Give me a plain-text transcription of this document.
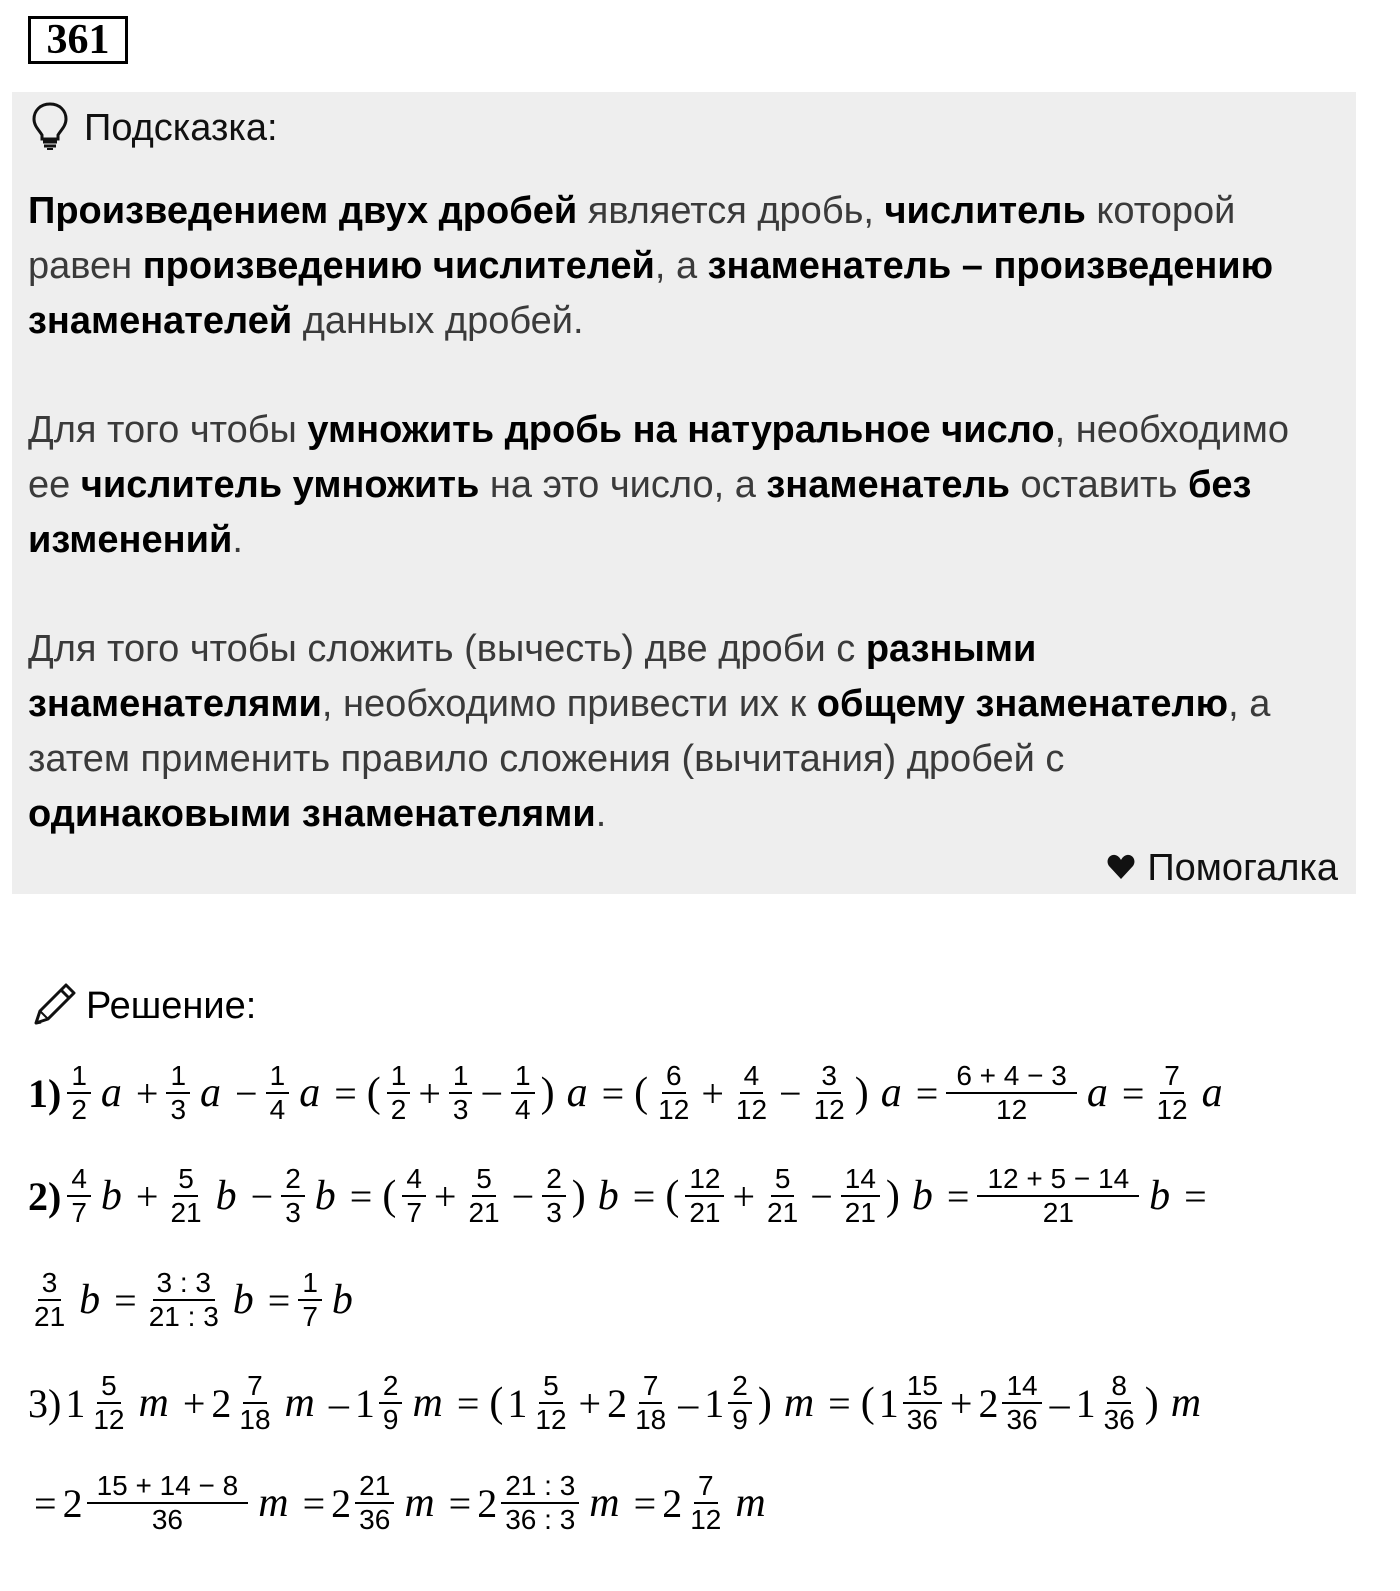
361
Подсказка:

Произведением двух дробей является дробь, числитель которой равен произведению числителей, а знаменатель – произведению знаменателей данных дробей.

Для того чтобы умножить дробь на натуральное число, необходимо ее числитель умножить на это число, а знаменатель оставить без изменений.

Для того чтобы сложить (вычесть) две дроби с разными знаменателями, необходимо привести их к общему знаменателю, а затем применить правило сложения (вычитания) дробей с одинаковыми знаменателями.

Помогалка
Решение:
$1) \frac{1}{2}$ $a + \frac{1}{3}$ $a - \frac{1}{4}$ a = ( $\frac{1}{2} + \frac{1}{3} - \frac{1}{4}$ ) a = ( $\frac{6}{12} + \frac{4}{12} - \frac{3}{12}$ ) $a = \frac{6 + 4 - 3}{12}$ $a = \frac{7}{12}$ a
$2) \frac{4}{7}$ $b + \frac{5}{21}$ $b - \frac{2}{3}$ b = ( $\frac{4}{7} + \frac{5}{21} - \frac{2}{3}$ ) b = ( $\frac{12}{21} + \frac{5}{21} - \frac{14}{21}$ ) $b = \frac{12 + 5 - 14}{21}$ b =
$\frac{3}{21}$ $b = \frac{3 : 3}{21 : 3}$ $b = \frac{1}{7}$ b
3) $1 \frac{5}{12}$ $m + 2 \frac{7}{18}$ m – $1 \frac{2}{9}$ m = ( $1 \frac{5}{12} + 2 \frac{7}{18} - 1 \frac{2}{9}$ ) m = ( $1 \frac{15}{36} + 2 \frac{14}{36} - 1 \frac{8}{36}$ ) m
= $2 \frac{15 + 14 - 8}{36}$ $m = 2 \frac{21}{36}$ $m = 2 \frac{21 : 3}{36 : 3}$ $m = 2 \frac{7}{12}$ m
